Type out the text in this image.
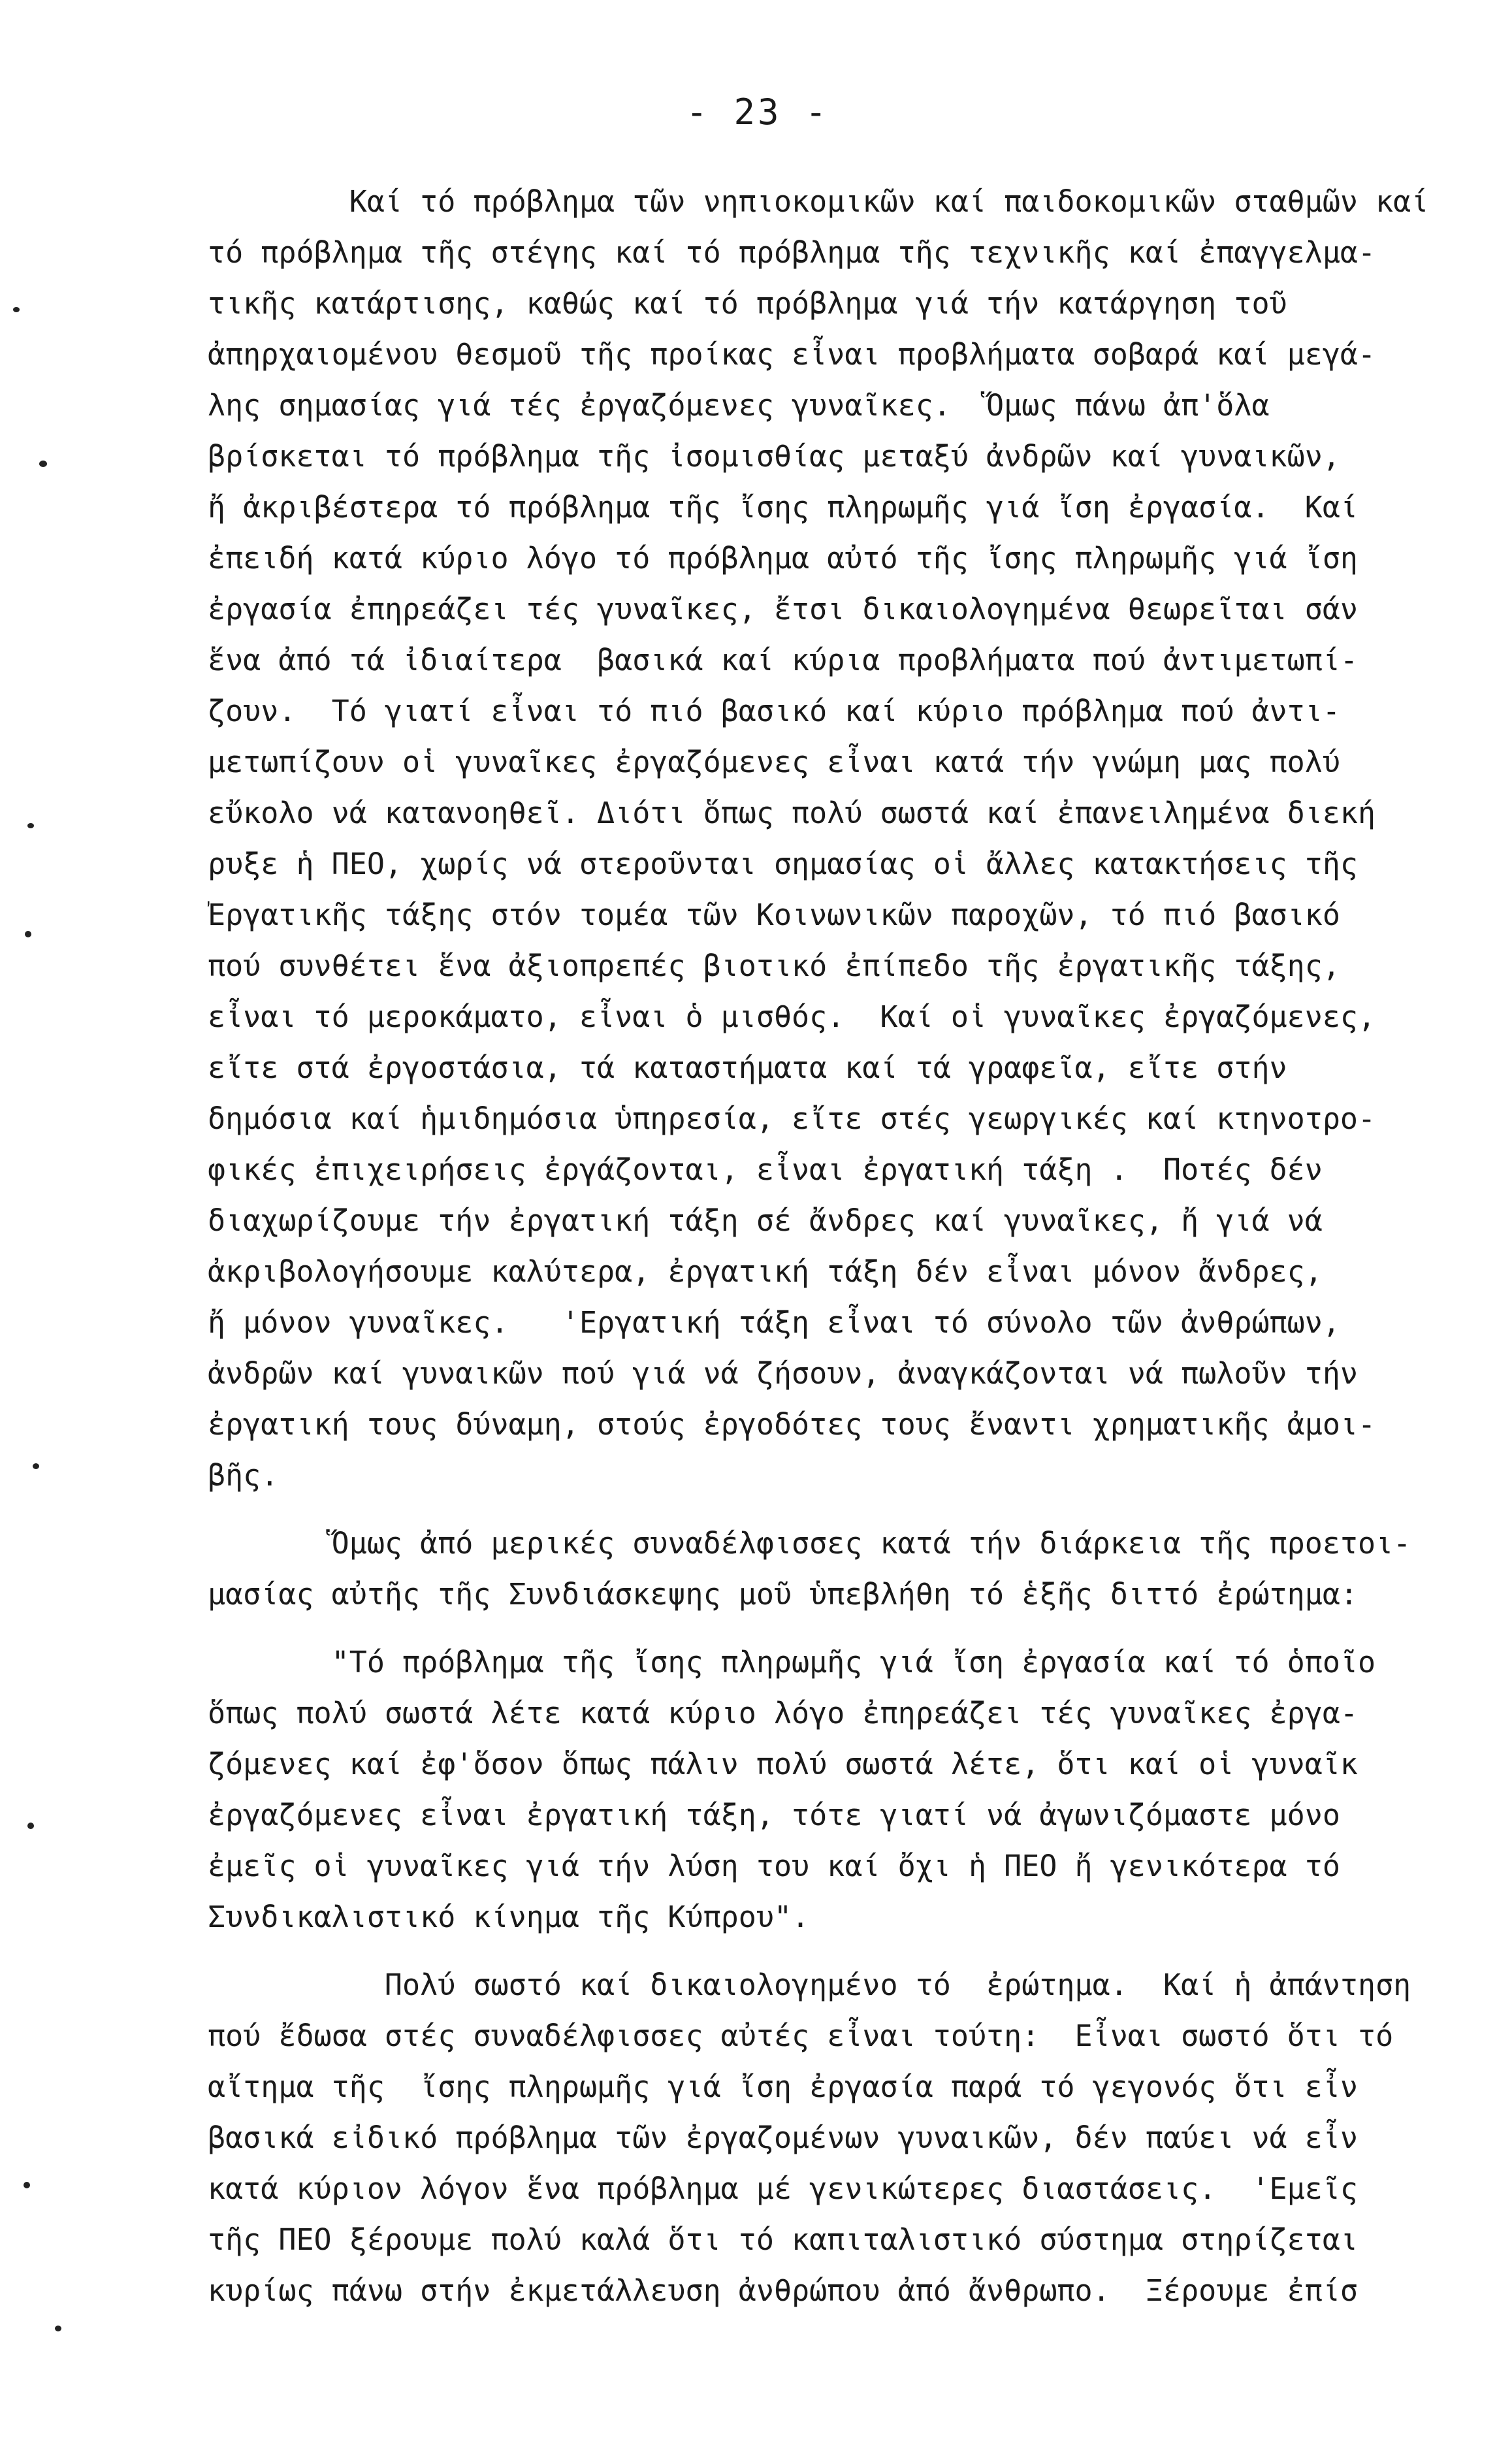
- 23 -
Καί τό πρόβλημα τῶν νηπιοκομικῶν καί παιδοκομικῶν σταθμῶν καί
τό πρόβλημα τῆς στέγης καί τό πρόβλημα τῆς τεχνικῆς καί ἐπαγγελμα-
τικῆς κατάρτισης, καθώς καί τό πρόβλημα γιά τήν κατάργηση τοῦ
ἀπηρχαιομένου θεσμοῦ τῆς προίκας εἶναι προβλήματα σοβαρά καί μεγά-
λης σημασίας γιά τές ἐργαζόμενες γυναῖκες.  Ὅμως πάνω ἀπ'ὅλα
βρίσκεται τό πρόβλημα τῆς ἰσομισθίας μεταξύ ἀνδρῶν καί γυναικῶν,
ἤ ἀκριβέστερα τό πρόβλημα τῆς ἴσης πληρωμῆς γιά ἴση ἐργασία.  Καί
ἐπειδή κατά κύριο λόγο τό πρόβλημα αὐτό τῆς ἴσης πληρωμῆς γιά ἴση
ἐργασία ἐπηρεάζει τές γυναῖκες, ἔτσι δικαιολογημένα θεωρεῖται σάν
ἕνα ἀπό τά ἰδιαίτερα  βασικά καί κύρια προβλήματα πού ἀντιμετωπί-
ζουν.  Τό γιατί εἶναι τό πιό βασικό καί κύριο πρόβλημα πού ἀντι-
μετωπίζουν οἱ γυναῖκες ἐργαζόμενες εἶναι κατά τήν γνώμη μας πολύ
εὔκολο νά κατανοηθεῖ. Διότι ὅπως πολύ σωστά καί ἐπανειλημένα διεκή
ρυξε ἡ ΠΕΟ, χωρίς νά στεροῦνται σημασίας οἱ ἄλλες κατακτήσεις τῆς
Ἐργατικῆς τάξης στόν τομέα τῶν Κοινωνικῶν παροχῶν, τό πιό βασικό
πού συνθέτει ἕνα ἀξιοπρεπές βιοτικό ἐπίπεδο τῆς ἐργατικῆς τάξης,
εἶναι τό μεροκάματο, εἶναι ὁ μισθός.  Καί οἱ γυναῖκες ἐργαζόμενες,
εἴτε στά ἐργοστάσια, τά καταστήματα καί τά γραφεῖα, εἴτε στήν
δημόσια καί ἡμιδημόσια ὑπηρεσία, εἴτε στές γεωργικές καί κτηνοτρο-
φικές ἐπιχειρήσεις ἐργάζονται, εἶναι ἐργατική τάξη .  Ποτές δέν
διαχωρίζουμε τήν ἐργατική τάξη σέ ἄνδρες καί γυναῖκες, ἤ γιά νά
ἀκριβολογήσουμε καλύτερα, ἐργατική τάξη δέν εἶναι μόνον ἄνδρες,
ἤ μόνον γυναῖκες.   'Εργατική τάξη εἶναι τό σύνολο τῶν ἀνθρώπων,
ἀνδρῶν καί γυναικῶν πού γιά νά ζήσουν, ἀναγκάζονται νά πωλοῦν τήν
ἐργατική τους δύναμη, στούς ἐργοδότες τους ἔναντι χρηματικῆς ἀμοι-
βῆς.
Ὅμως ἀπό μερικές συναδέλφισσες κατά τήν διάρκεια τῆς προετοι-
μασίας αὐτῆς τῆς Συνδιάσκεψης μοῦ ὑπεβλήθη τό ἑξῆς διττό ἐρώτημα:
"Τό πρόβλημα τῆς ἴσης πληρωμῆς γιά ἴση ἐργασία καί τό ὁποῖο
ὅπως πολύ σωστά λέτε κατά κύριο λόγο ἐπηρεάζει τές γυναῖκες ἐργα-
ζόμενες καί ἐφ'ὅσον ὅπως πάλιν πολύ σωστά λέτε, ὅτι καί οἱ γυναῖκ
ἐργαζόμενες εἶναι ἐργατική τάξη, τότε γιατί νά ἀγωνιζόμαστε μόνο
ἐμεῖς οἱ γυναῖκες γιά τήν λύση του καί ὄχι ἡ ΠΕΟ ἤ γενικότερα τό
Συνδικαλιστικό κίνημα τῆς Κύπρου".
Πολύ σωστό καί δικαιολογημένο τό  ἐρώτημα.  Καί ἡ ἀπάντηση
πού ἔδωσα στές συναδέλφισσες αὐτές εἶναι τούτη:  Εἶναι σωστό ὅτι τό
αἴτημα τῆς  ἴσης πληρωμῆς γιά ἴση ἐργασία παρά τό γεγονός ὅτι εἶν
βασικά εἰδικό πρόβλημα τῶν ἐργαζομένων γυναικῶν, δέν παύει νά εἶν
κατά κύριον λόγον ἕνα πρόβλημα μέ γενικώτερες διαστάσεις.  'Εμεῖς
τῆς ΠΕΟ ξέρουμε πολύ καλά ὅτι τό καπιταλιστικό σύστημα στηρίζεται
κυρίως πάνω στήν ἐκμετάλλευση ἀνθρώπου ἀπό ἄνθρωπο.  Ξέρουμε ἐπίσ
